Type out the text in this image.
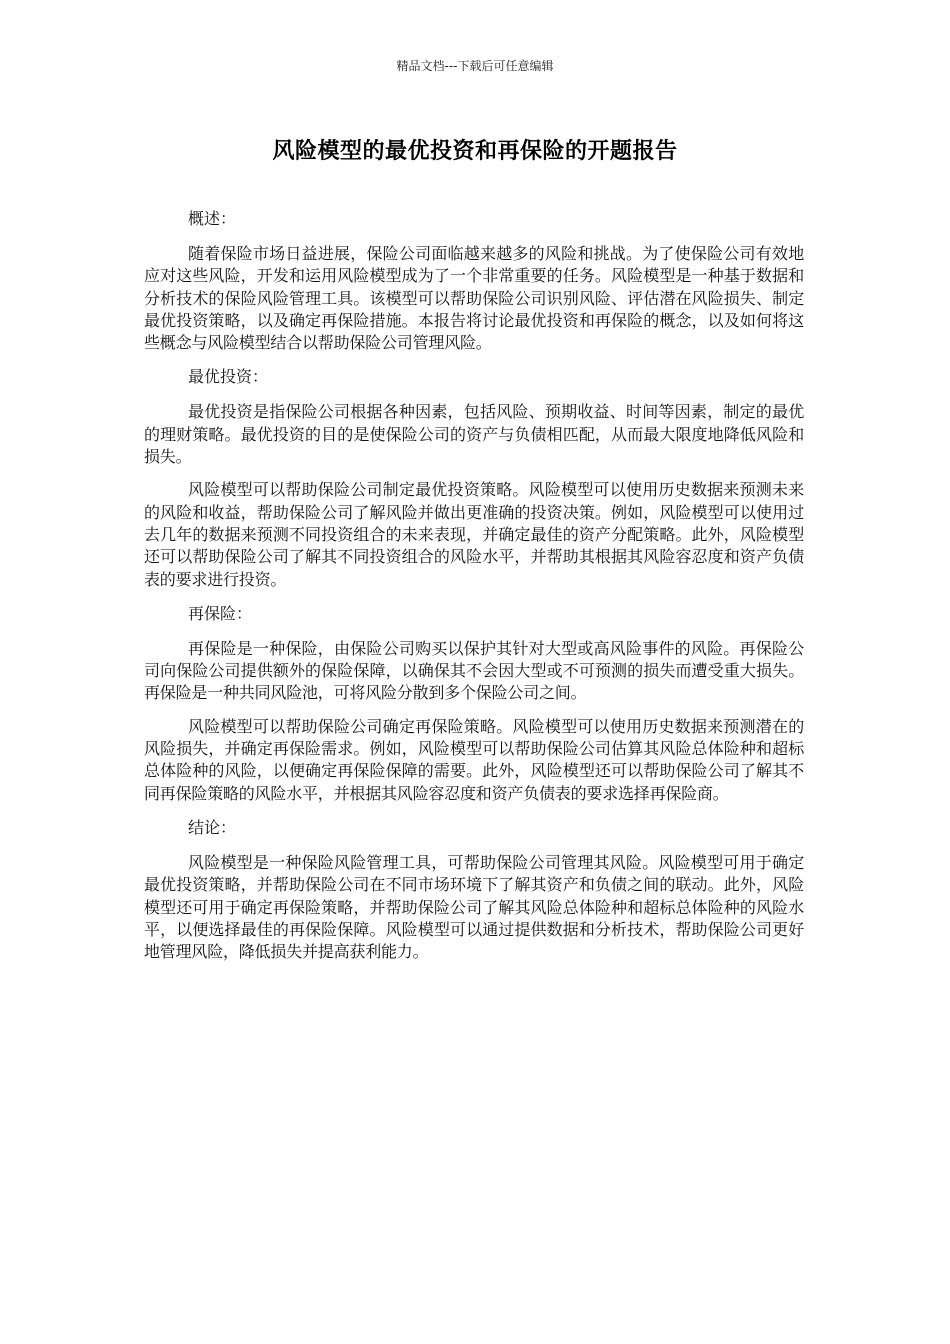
精品文档---下载后可任意编辑
风险模型的最优投资和再保险的开题报告

概述：

随着保险市场日益进展，保险公司面临越来越多的风险和挑战。为了使保险公司有效地应对这些风险，开发和运用风险模型成为了一个非常重要的任务。风险模型是一种基于数据和分析技术的保险风险管理工具。该模型可以帮助保险公司识别风险、评估潜在风险损失、制定最优投资策略，以及确定再保险措施。本报告将讨论最优投资和再保险的概念，以及如何将这些概念与风险模型结合以帮助保险公司管理风险。

最优投资：

最优投资是指保险公司根据各种因素，包括风险、预期收益、时间等因素，制定的最优的理财策略。最优投资的目的是使保险公司的资产与负债相匹配，从而最大限度地降低风险和损失。

风险模型可以帮助保险公司制定最优投资策略。风险模型可以使用历史数据来预测未来的风险和收益，帮助保险公司了解风险并做出更准确的投资决策。例如，风险模型可以使用过去几年的数据来预测不同投资组合的未来表现，并确定最佳的资产分配策略。此外，风险模型还可以帮助保险公司了解其不同投资组合的风险水平，并帮助其根据其风险容忍度和资产负债表的要求进行投资。

再保险：

再保险是一种保险，由保险公司购买以保护其针对大型或高风险事件的风险。再保险公司向保险公司提供额外的保险保障，以确保其不会因大型或不可预测的损失而遭受重大损失。再保险是一种共同风险池，可将风险分散到多个保险公司之间。

风险模型可以帮助保险公司确定再保险策略。风险模型可以使用历史数据来预测潜在的风险损失，并确定再保险需求。例如，风险模型可以帮助保险公司估算其风险总体险种和超标总体险种的风险，以便确定再保险保障的需要。此外，风险模型还可以帮助保险公司了解其不同再保险策略的风险水平，并根据其风险容忍度和资产负债表的要求选择再保险商。

结论：

风险模型是一种保险风险管理工具，可帮助保险公司管理其风险。风险模型可用于确定最优投资策略，并帮助保险公司在不同市场环境下了解其资产和负债之间的联动。此外，风险模型还可用于确定再保险策略，并帮助保险公司了解其风险总体险种和超标总体险种的风险水平，以便选择最佳的再保险保障。风险模型可以通过提供数据和分析技术，帮助保险公司更好地管理风险，降低损失并提高获利能力。
